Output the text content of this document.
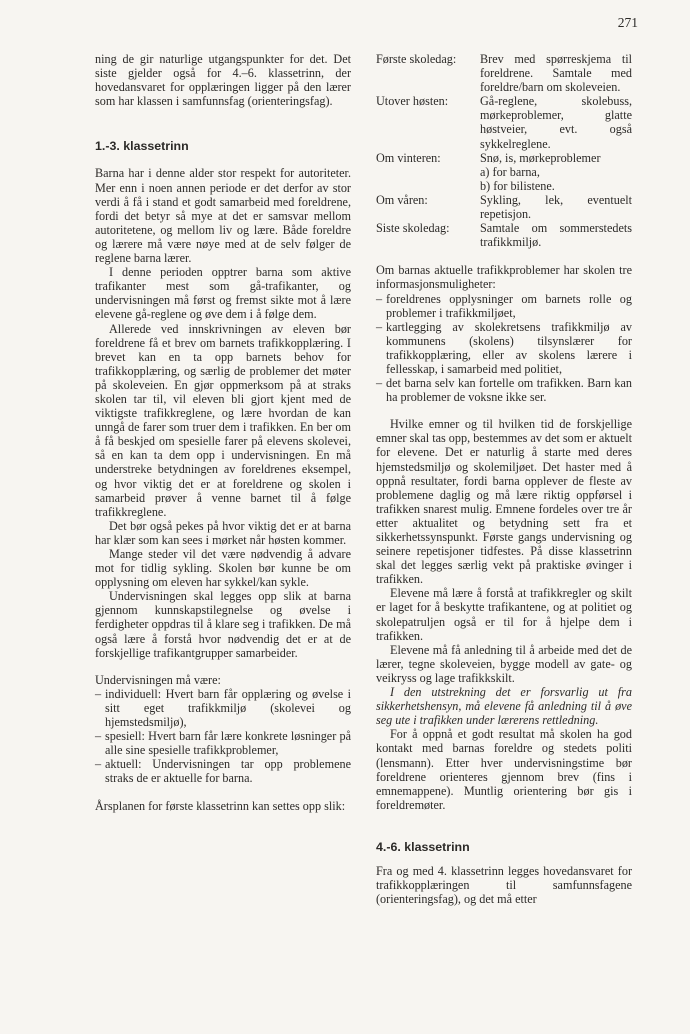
271

ning de gir naturlige utgangspunkter for det. Det siste gjelder også for 4.–6. klassetrinn, der hovedansvaret for opplæringen ligger på den lærer som har klassen i samfunnsfag (orienteringsfag).

1.-3. klassetrinn

Barna har i denne alder stor respekt for autoriteter. Mer enn i noen annen periode er det derfor av stor verdi å få i stand et godt samarbeid med foreldrene, fordi det betyr så mye at det er samsvar mellom autoritetene, og mellom liv og lære. Både foreldre og lærere må være nøye med at de selv følger de reglene barna lærer.

I denne perioden opptrer barna som aktive trafikanter mest som gå-trafikanter, og undervisningen må først og fremst sikte mot å lære elevene gå-reglene og øve dem i å følge dem.

Allerede ved innskrivningen av eleven bør foreldrene få et brev om barnets trafikkopplæring. I brevet kan en ta opp barnets behov for trafikkopplæring, og særlig de problemer det møter på skoleveien. En gjør oppmerksom på at straks skolen tar til, vil eleven bli gjort kjent med de viktigste trafikkreglene, og lære hvordan de kan unngå de farer som truer dem i trafikken. En ber om å få beskjed om spesielle farer på elevens skolevei, så en kan ta dem opp i undervisningen. En må understreke betydningen av foreldrenes eksempel, og hvor viktig det er at foreldrene og skolen i samarbeid prøver å venne barnet til å følge trafikkreglene.

Det bør også pekes på hvor viktig det er at barna har klær som kan sees i mørket når høsten kommer.

Mange steder vil det være nødvendig å advare mot for tidlig sykling. Skolen bør kunne be om opplysning om eleven har sykkel/kan sykle.

Undervisningen skal legges opp slik at barna gjennom kunnskapstilegnelse og øvelse i ferdigheter oppdras til å klare seg i trafikken. De må også lære å forstå hvor nødvendig det er at de forskjellige trafikantgrupper samarbeider.

Undervisningen må være:

– individuell: Hvert barn får opplæring og øvelse i sitt eget trafikkmiljø (skolevei og hjemstedsmiljø),
– spesiell: Hvert barn får lære konkrete løsninger på alle sine spesielle trafikkproblemer,
– aktuell: Undervisningen tar opp problemene straks de er aktuelle for barna.

Årsplanen for første klassetrinn kan settes opp slik:

Første skoledag:	Brev med spørreskjema til foreldrene. Samtale med foreldre/barn om skoleveien.
Utover høsten:	Gå-reglene, skolebuss, mørkeproblemer, glatte høstveier, evt. også sykkelreglene.
Om vinteren:	Snø, is, mørkeproblemer
a) for barna,
b) for bilistene.
Om våren:	Sykling, lek, eventuelt repetisjon.
Siste skoledag:	Samtale om sommerstedets trafikkmiljø.

Om barnas aktuelle trafikkproblemer har skolen tre informasjonsmuligheter:

– foreldrenes opplysninger om barnets rolle og problemer i trafikkmiljøet,
– kartlegging av skolekretsens trafikkmiljø av kommunens (skolens) tilsynslærer for trafikkopplæring, eller av skolens lærere i fellesskap, i samarbeid med politiet,
– det barna selv kan fortelle om trafikken. Barn kan ha problemer de voksne ikke ser.

Hvilke emner og til hvilken tid de forskjellige emner skal tas opp, bestemmes av det som er aktuelt for elevene. Det er naturlig å starte med deres hjemstedsmiljø og skolemiljøet. Det haster med å oppnå resultater, fordi barna opplever de fleste av problemene daglig og må lære riktig oppførsel i trafikken snarest mulig. Emnene fordeles over tre år etter aktualitet og betydning sett fra et sikkerhetssynspunkt. Første gangs undervisning og seinere repetisjoner tidfestes. På disse klassetrinn skal det legges særlig vekt på praktiske øvinger i trafikken.

Elevene må lære å forstå at trafikkregler og skilt er laget for å beskytte trafikantene, og at politiet og skolepatruljen også er til for å hjelpe dem i trafikken.

Elevene må få anledning til å arbeide med det de lærer, tegne skoleveien, bygge modell av gate- og veikryss og lage trafikkskilt.

I den utstrekning det er forsvarlig ut fra sikkerhetshensyn, må elevene få anledning til å øve seg ute i trafikken under lærerens rettledning.

For å oppnå et godt resultat må skolen ha god kontakt med barnas foreldre og stedets politi (lensmann). Etter hver undervisningstime bør foreldrene orienteres gjennom brev (fins i emnemappene). Muntlig orientering bør gis i foreldremøter.

4.-6. klassetrinn

Fra og med 4. klassetrinn legges hovedansvaret for trafikkopplæringen til samfunnsfagene (orienteringsfag), og det må etter
